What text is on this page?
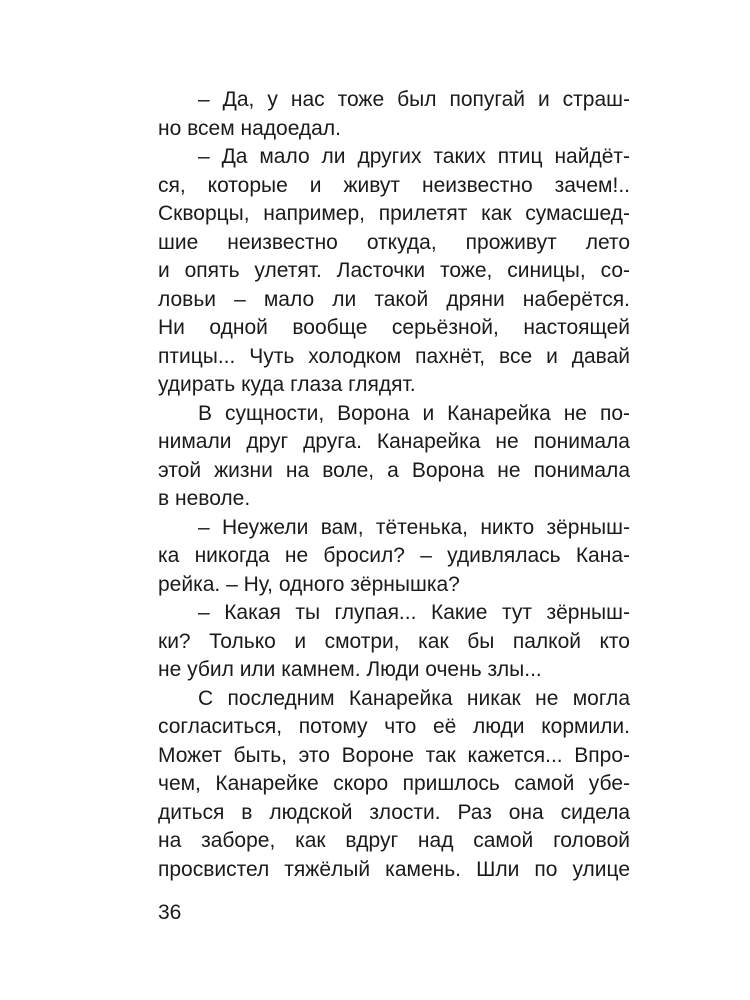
– Да, у нас тоже был попугай и страш-
но всем надоедал.
– Да мало ли других таких птиц найдёт-
ся, которые и живут неизвестно зачем!..
Скворцы, например, прилетят как сумасшед-
шие неизвестно откуда, проживут лето
и опять улетят. Ласточки тоже, синицы, со-
ловьи – мало ли такой дряни наберётся.
Ни одной вообще серьёзной, настоящей
птицы... Чуть холодком пахнёт, все и давай
удирать куда глаза глядят.
В сущности, Ворона и Канарейка не по-
нимали друг друга. Канарейка не понимала
этой жизни на воле, а Ворона не понимала
в неволе.
– Неужели вам, тётенька, никто зёрныш-
ка никогда не бросил? – удивлялась Кана-
рейка. – Ну, одного зёрнышка?
– Какая ты глупая... Какие тут зёрныш-
ки? Только и смотри, как бы палкой кто
не убил или камнем. Люди очень злы...
С последним Канарейка никак не могла
согласиться, потому что её люди кормили.
Может быть, это Вороне так кажется... Впро-
чем, Канарейке скоро пришлось самой убе-
диться в людской злости. Раз она сидела
на заборе, как вдруг над самой головой
просвистел тяжёлый камень. Шли по улице
36
